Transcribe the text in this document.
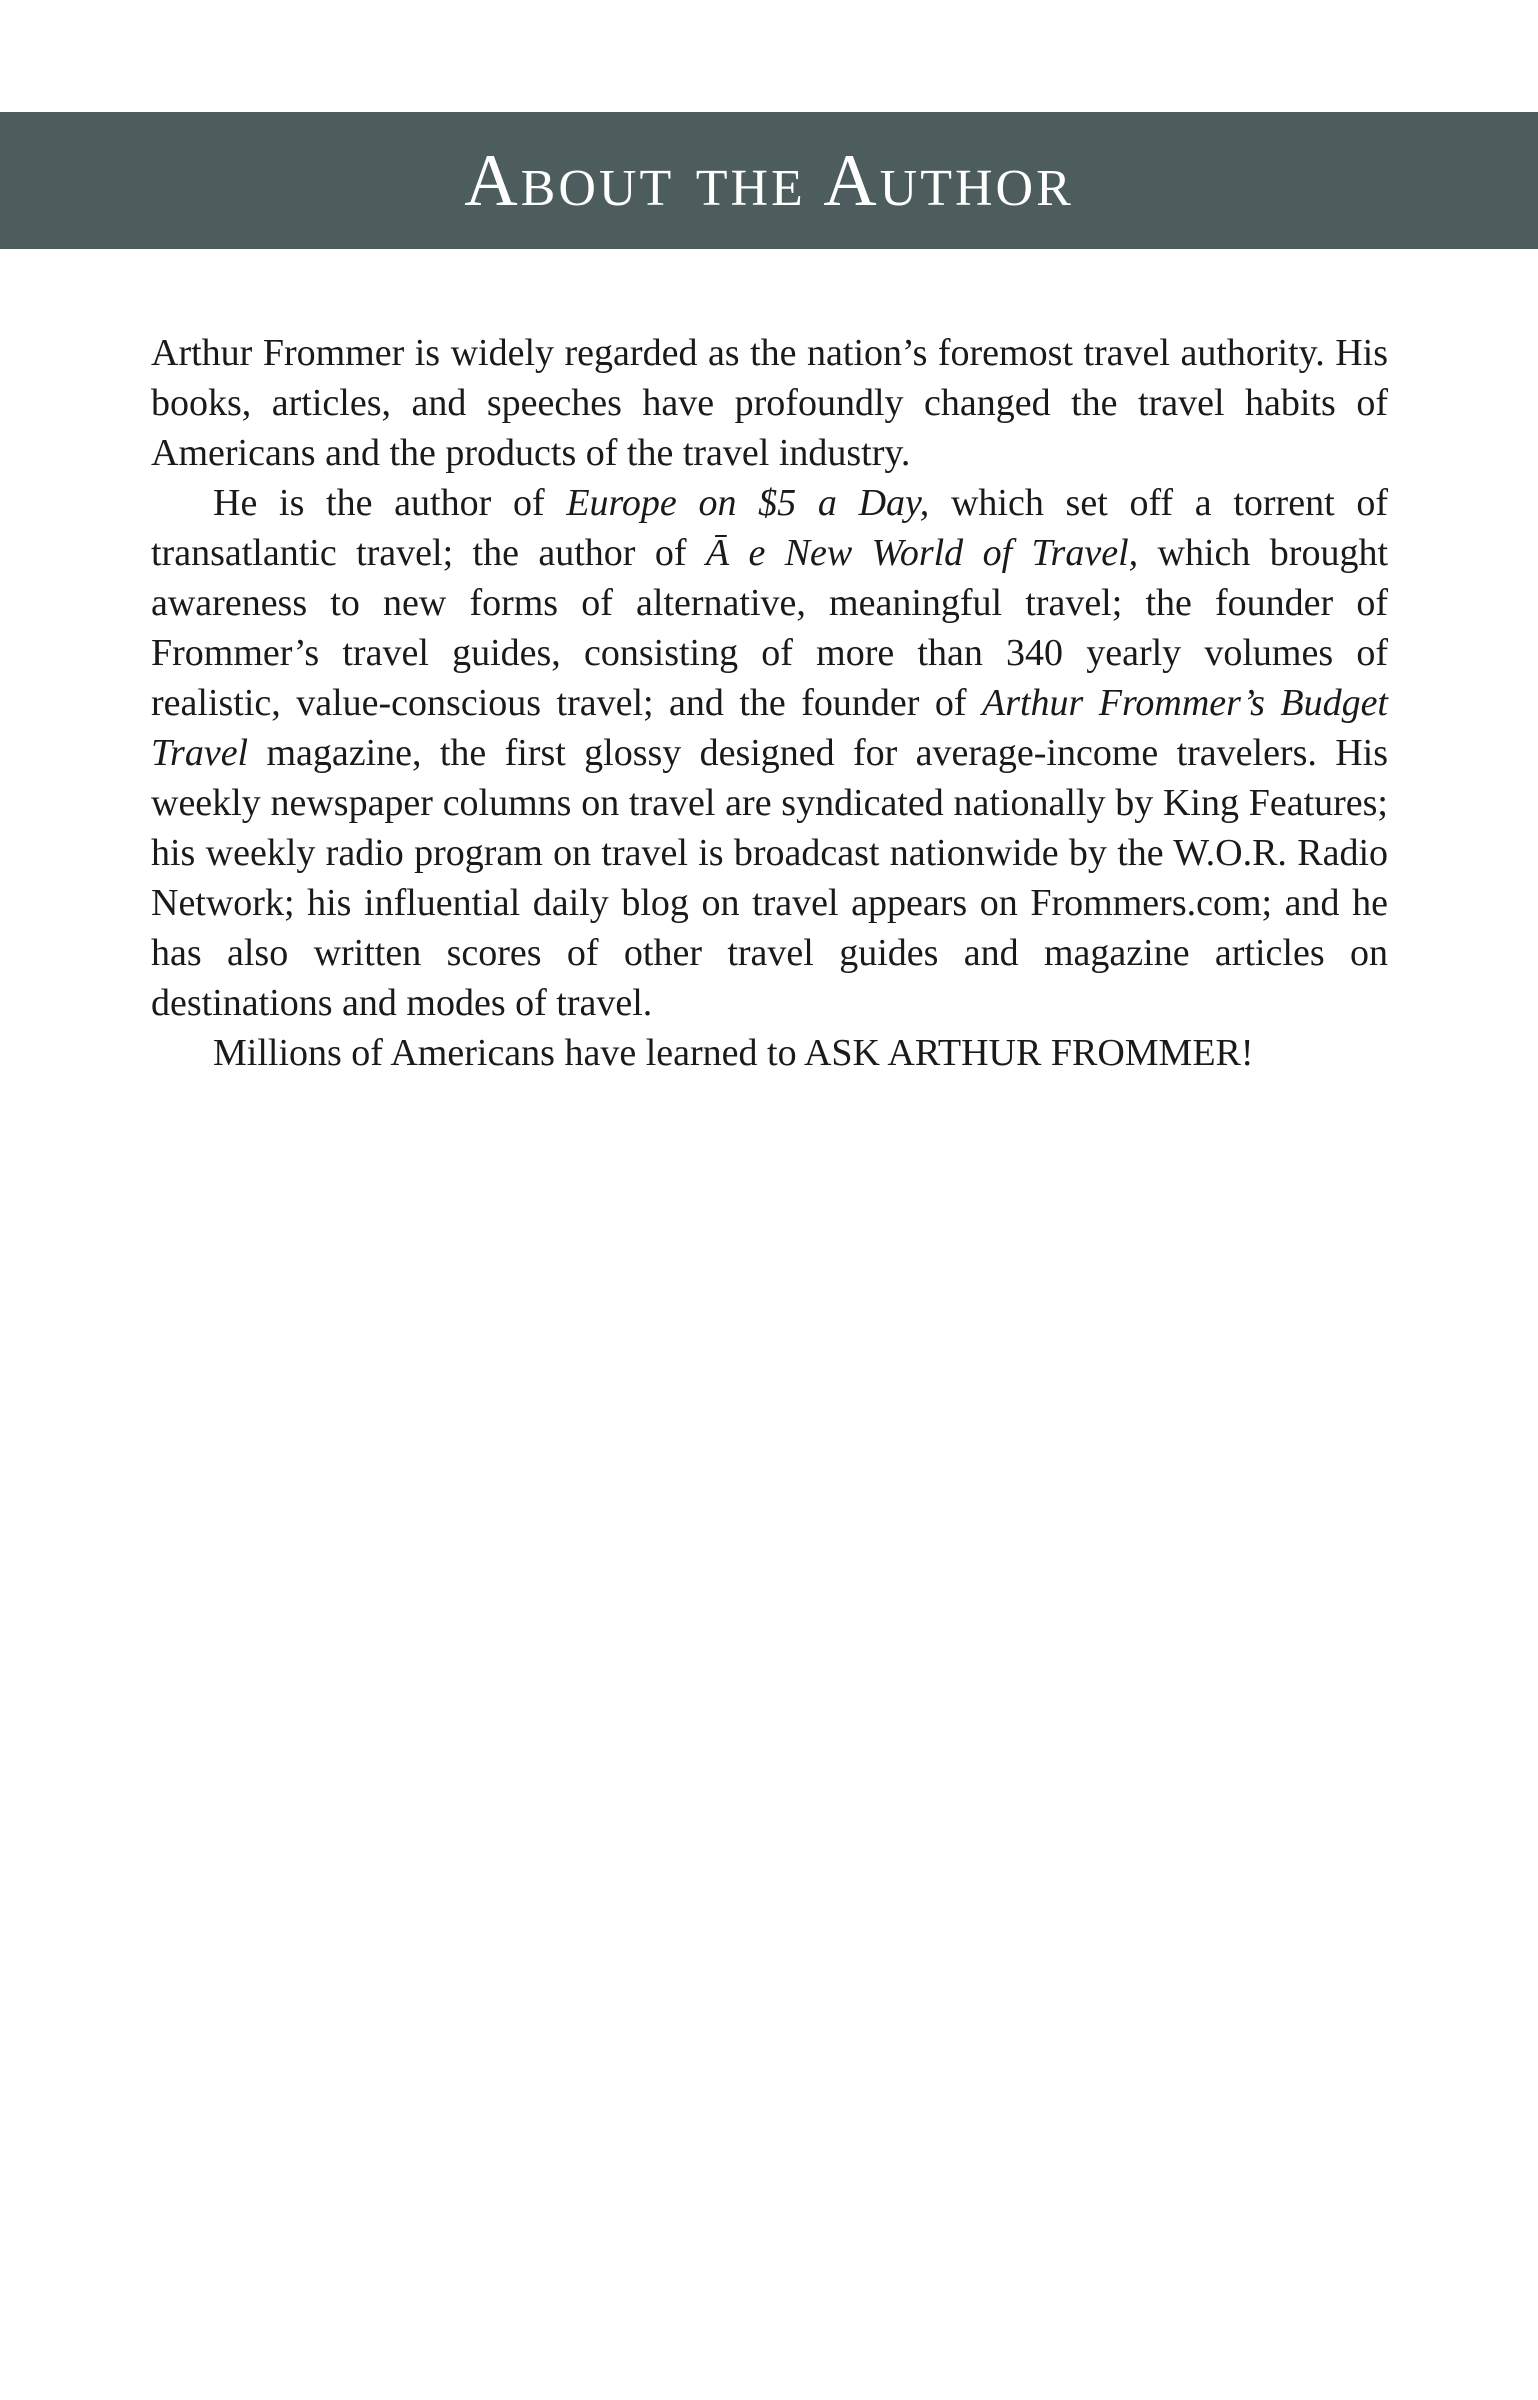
About the Author

Arthur Frommer is widely regarded as the nation’s foremost travel authority. His books, articles, and speeches have profoundly changed the travel habits of Americans and the products of the travel industry.

He is the author of Europe on $5 a Day, which set off a torrent of transatlantic travel; the author of Ā e New World of Travel, which brought awareness to new forms of alternative, meaningful travel; the founder of Frommer’s travel guides, consisting of more than 340 yearly volumes of realistic, value-conscious travel; and the founder of Arthur Frommer’s Budget Travel magazine, the first glossy designed for average-income travelers. His weekly newspaper columns on travel are syndicated nationally by King Features; his weekly radio program on travel is broadcast nationwide by the W.O.R. Radio Network; his influential daily blog on travel appears on Frommers.com; and he has also written scores of other travel guides and magazine articles on destinations and modes of travel.

Millions of Americans have learned to ASK ARTHUR FROMMER!
